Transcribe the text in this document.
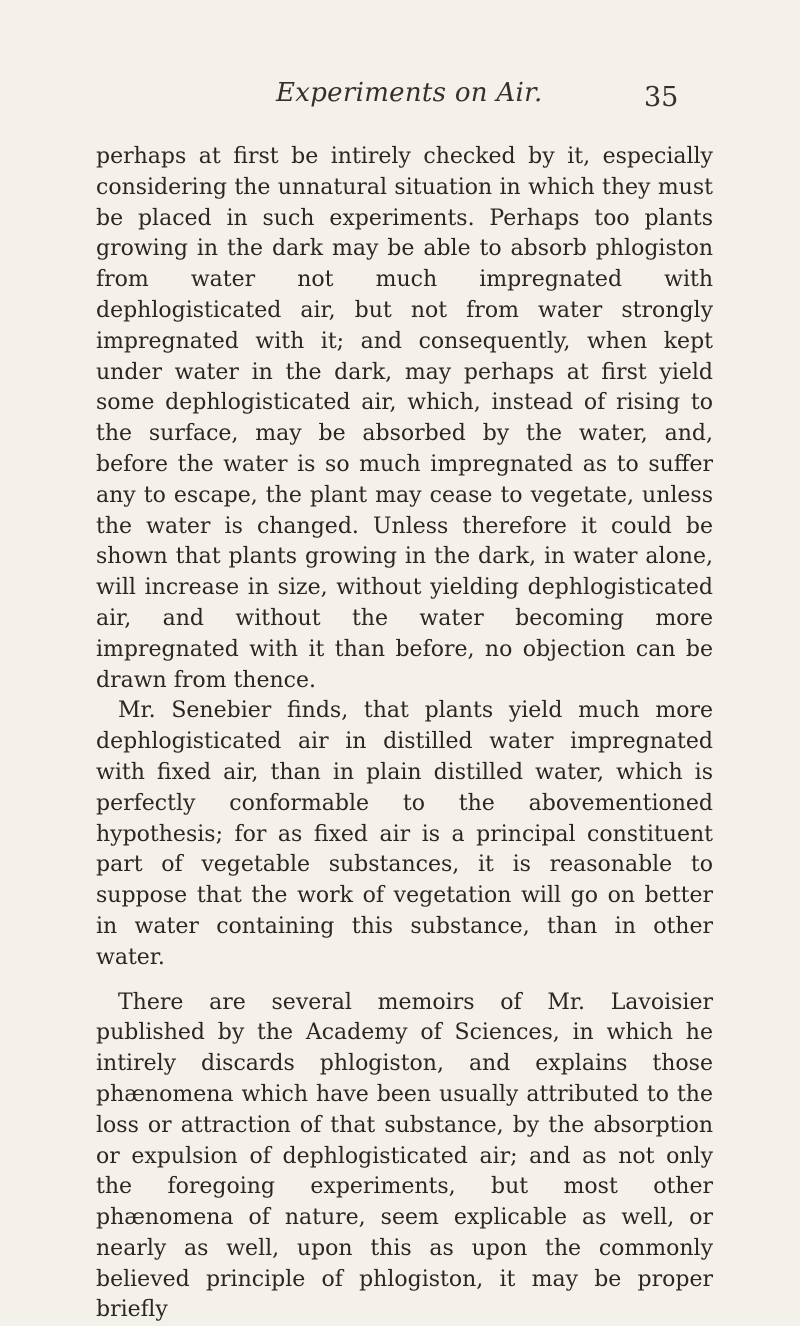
Experiments on Air.	35

perhaps at first be intirely checked by it, especially considering the unnatural situation in which they must be placed in such experiments. Perhaps too plants growing in the dark may be able to absorb phlogiston from water not much impregnated with dephlogisticated air, but not from water strongly impregnated with it; and consequently, when kept under water in the dark, may perhaps at first yield some dephlogisticated air, which, instead of rising to the surface, may be absorbed by the water, and, before the water is so much impregnated as to suffer any to escape, the plant may cease to vegetate, unless the water is changed. Unless therefore it could be shown that plants growing in the dark, in water alone, will increase in size, without yielding dephlogisticated air, and without the water becoming more impregnated with it than before, no objection can be drawn from thence.

Mr. Senebier finds, that plants yield much more dephlogisticated air in distilled water impregnated with fixed air, than in plain distilled water, which is perfectly conformable to the abovementioned hypothesis; for as fixed air is a principal constituent part of vegetable substances, it is reasonable to suppose that the work of vegetation will go on better in water containing this substance, than in other water.

There are several memoirs of Mr. Lavoisier published by the Academy of Sciences, in which he intirely discards phlogiston, and explains those phænomena which have been usually attributed to the loss or attraction of that substance, by the absorption or expulsion of dephlogisticated air; and as not only the foregoing experiments, but most other phænomena of nature, seem explicable as well, or nearly as well, upon this as upon the commonly believed principle of phlogiston, it may be proper briefly
